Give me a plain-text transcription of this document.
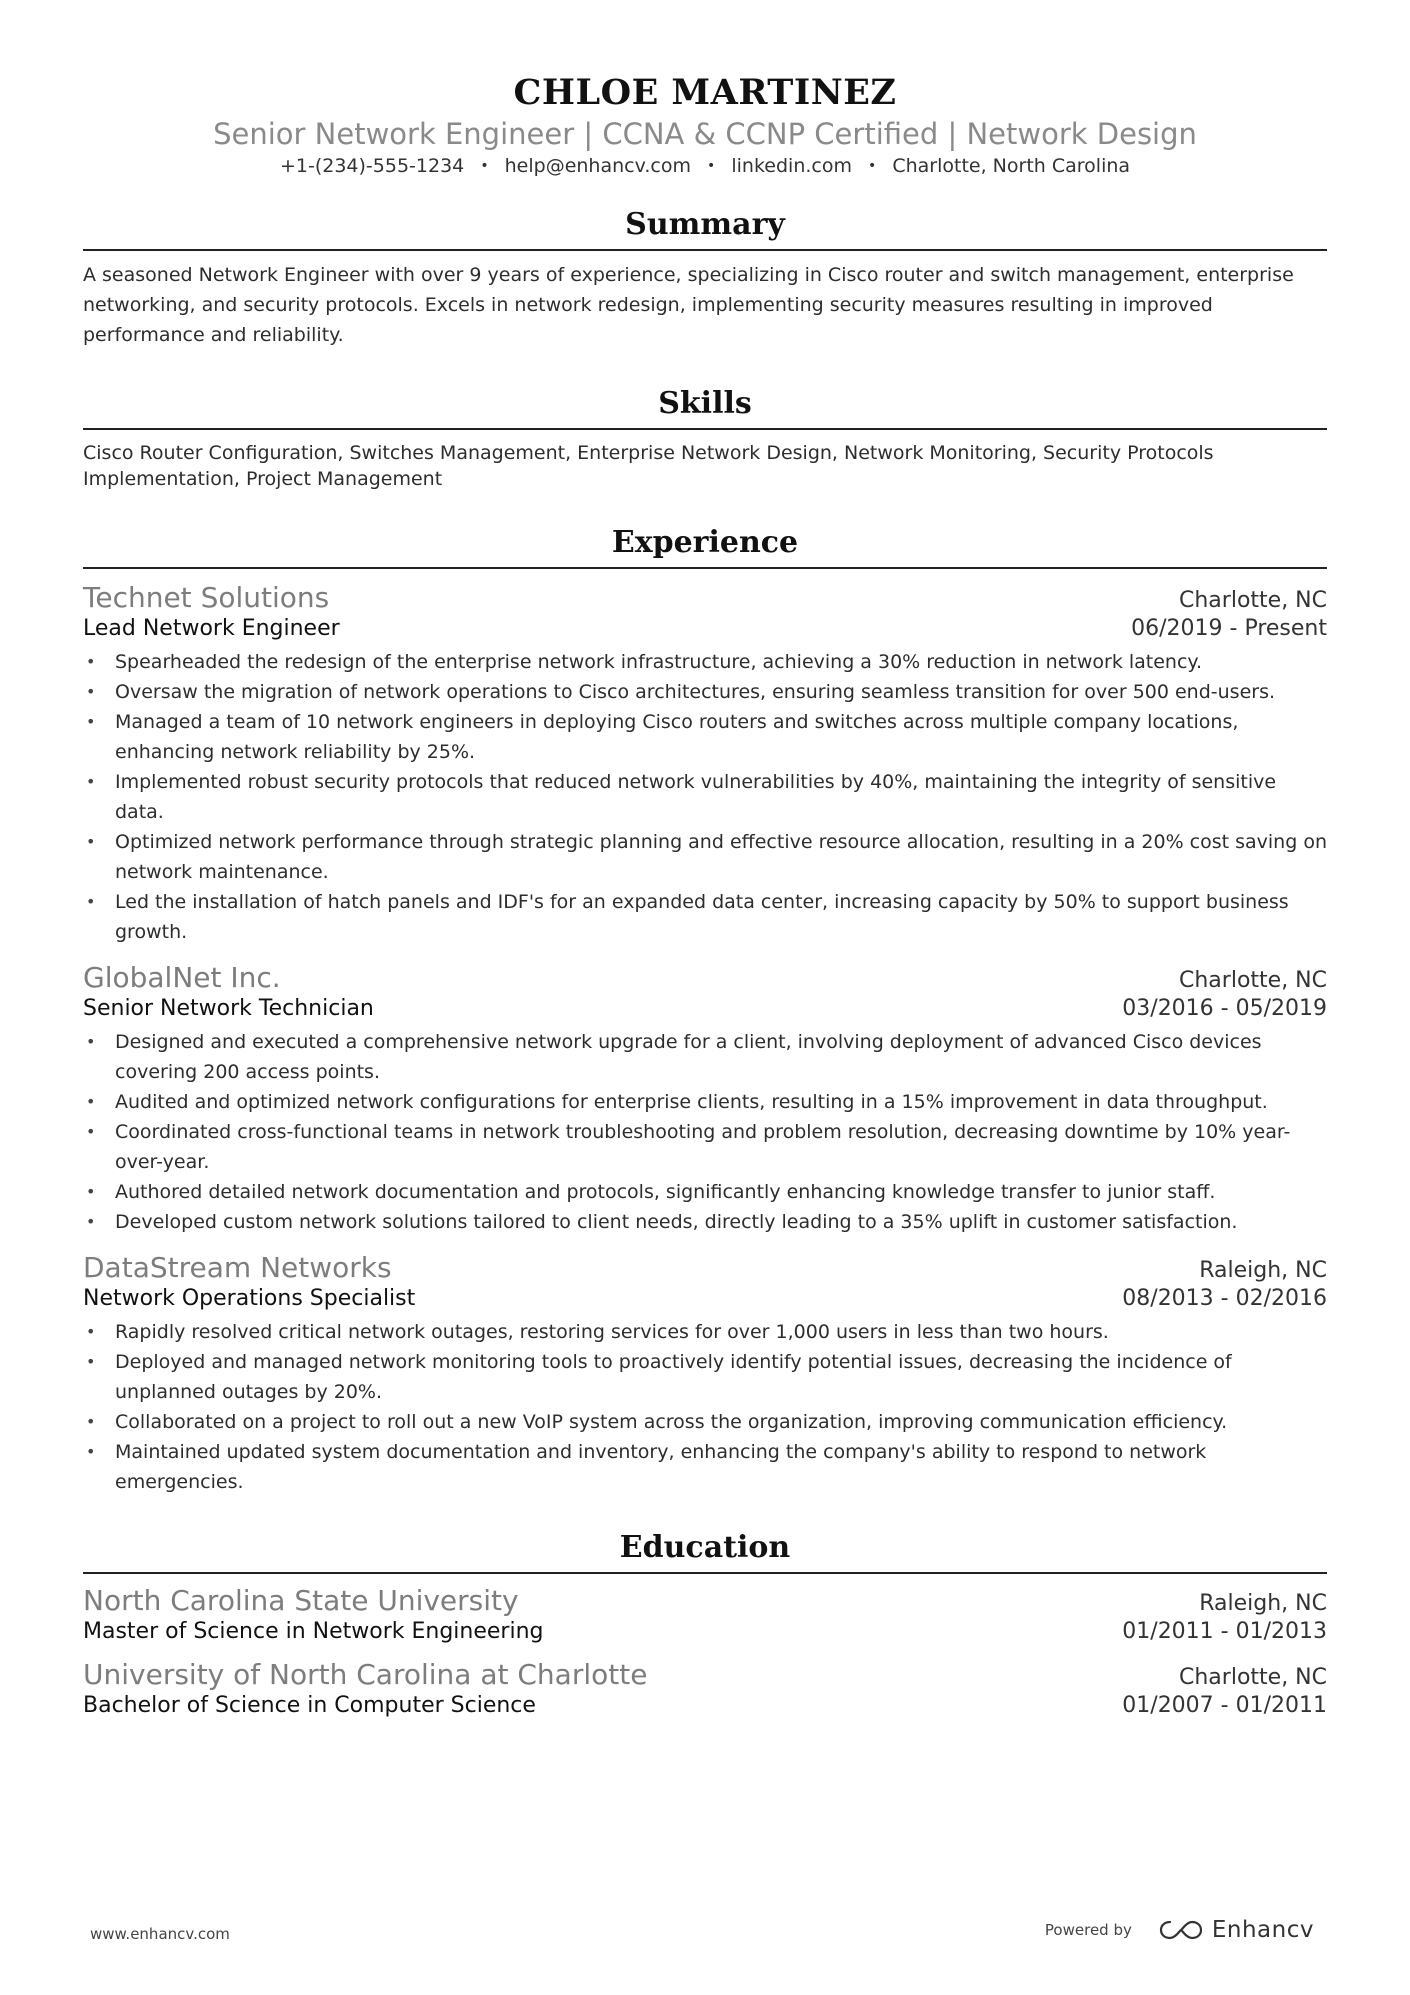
CHLOE MARTINEZ
Senior Network Engineer | CCNA & CCNP Certified | Network Design
+1-(234)-555-1234 • help@enhancv.com • linkedin.com • Charlotte, North Carolina
Summary

A seasoned Network Engineer with over 9 years of experience, specializing in Cisco router and switch management, enterprise networking, and security protocols. Excels in network redesign, implementing security measures resulting in improved performance and reliability.

Skills

Cisco Router Configuration, Switches Management, Enterprise Network Design, Network Monitoring, Security Protocols Implementation, Project Management

Experience
Technet Solutions	Charlotte, NC
Lead Network Engineer	06/2019 - Present
• Spearheaded the redesign of the enterprise network infrastructure, achieving a 30% reduction in network latency.
• Oversaw the migration of network operations to Cisco architectures, ensuring seamless transition for over 500 end-users.
• Managed a team of 10 network engineers in deploying Cisco routers and switches across multiple company locations, enhancing network reliability by 25%.
• Implemented robust security protocols that reduced network vulnerabilities by 40%, maintaining the integrity of sensitive data.
• Optimized network performance through strategic planning and effective resource allocation, resulting in a 20% cost saving on network maintenance.
• Led the installation of hatch panels and IDF's for an expanded data center, increasing capacity by 50% to support business growth.
GlobalNet Inc.	Charlotte, NC
Senior Network Technician	03/2016 - 05/2019
• Designed and executed a comprehensive network upgrade for a client, involving deployment of advanced Cisco devices covering 200 access points.
• Audited and optimized network configurations for enterprise clients, resulting in a 15% improvement in data throughput.
• Coordinated cross-functional teams in network troubleshooting and problem resolution, decreasing downtime by 10% year-over-year.
• Authored detailed network documentation and protocols, significantly enhancing knowledge transfer to junior staff.
• Developed custom network solutions tailored to client needs, directly leading to a 35% uplift in customer satisfaction.
DataStream Networks	Raleigh, NC
Network Operations Specialist	08/2013 - 02/2016
• Rapidly resolved critical network outages, restoring services for over 1,000 users in less than two hours.
• Deployed and managed network monitoring tools to proactively identify potential issues, decreasing the incidence of unplanned outages by 20%.
• Collaborated on a project to roll out a new VoIP system across the organization, improving communication efficiency.
• Maintained updated system documentation and inventory, enhancing the company's ability to respond to network emergencies.
Education
North Carolina State University	Raleigh, NC
Master of Science in Network Engineering	01/2011 - 01/2013
University of North Carolina at Charlotte	Charlotte, NC
Bachelor of Science in Computer Science	01/2007 - 01/2011
www.enhancv.com	Powered by	Enhancv
